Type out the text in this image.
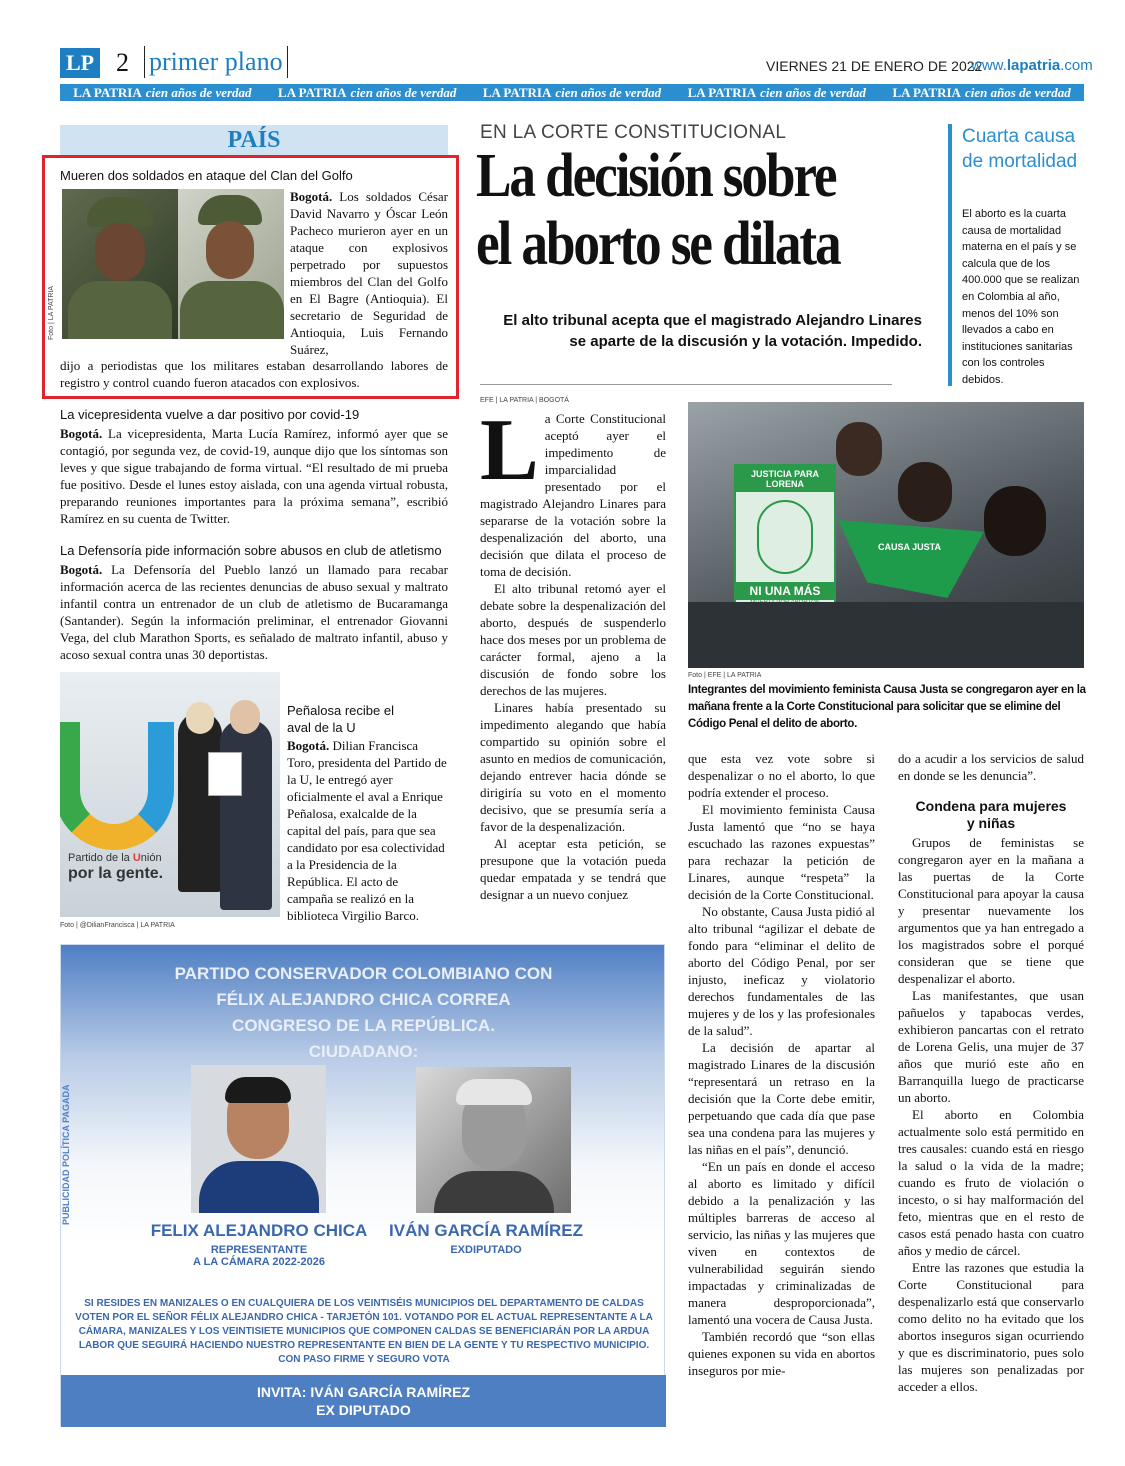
LP 2 primer plano	VIERNES 21 DE ENERO DE 2022
www.lapatria.com
LA PATRIA cien años de verdad LA PATRIA cien años de verdad LA PATRIA cien años de verdad LA PATRIA cien años de verdad LA PATRIA cien años de verdad
PAÍS
Mueren dos soldados en ataque del Clan del Golfo
Foto | LA PATRIA

Bogotá. Los soldados César David Navarro y Óscar León Pacheco murieron ayer en un ataque con explosivos perpetrado por supuestos miembros del Clan del Golfo en El Bagre (Antioquia). El secretario de Seguridad de Antioquia, Luis Fernando Suárez,

dijo a periodistas que los militares estaban desarrollando labores de registro y control cuando fueron atacados con explosivos.

La vicepresidenta vuelve a dar positivo por covid-19

Bogotá. La vicepresidenta, Marta Lucía Ramírez, informó ayer que se contagió, por segunda vez, de covid-19, aunque dijo que los síntomas son leves y que sigue trabajando de forma virtual. “El resultado de mi prueba fue positivo. Desde el lunes estoy aislada, con una agenda virtual robusta, preparando reuniones importantes para la próxima semana”, escribió Ramírez en su cuenta de Twitter.

La Defensoría pide información sobre abusos en club de atletismo

Bogotá. La Defensoría del Pueblo lanzó un llamado para recabar información acerca de las recientes denuncias de abuso sexual y maltrato infantil contra un entrenador de un club de atletismo de Bucaramanga (Santander). Según la información preliminar, el entrenador Giovanni Vega, del club Marathon Sports, es señalado de maltrato infantil, abuso y acoso sexual contra unas 30 deportistas.

Partido de la Unión
por la gente.
Foto | @DilianFrancisca | LA PATRIA
Peñalosa recibe el aval de la U

Bogotá. Dilian Francisca Toro, presidenta del Partido de la U, le entregó ayer oficialmente el aval a Enrique Peñalosa, exalcalde de la capital del país, para que sea candidato por esa colectividad a la Presidencia de la República. El acto de campaña se realizó en la biblioteca Virgilio Barco.

EN LA CORTE CONSTITUCIONAL
La decisión sobre el aborto se dilata
El alto tribunal acepta que el magistrado Alejandro Linares se aparte de la discusión y la votación. Impedido.
Cuarta causa de mortalidad
El aborto es la cuarta causa de mortalidad materna en el país y se calcula que de los 400.000 que se realizan en Colombia al año, menos del 10% son llevados a cabo en instituciones sanitarias con los controles debidos.
EFE | LA PATRIA | BOGOTÁ
L a Corte Constitucional aceptó ayer el impedimento de imparcialidad presentado por el magistrado Alejandro Linares para separarse de la votación sobre la despenalización del aborto, una decisión que dilata el proceso de toma de decisión.

El alto tribunal retomó ayer el debate sobre la despenalización del aborto, después de suspenderlo hace dos meses por un problema de carácter formal, ajeno a la discusión de fondo sobre los derechos de las mujeres.

Linares había presentado su impedimento alegando que había compartido su opinión sobre el asunto en medios de comunicación, dejando entrever hacia dónde se dirigiría su voto en el momento decisivo, que se presumía sería a favor de la despenalización.

Al aceptar esta petición, se presupone que la votación pueda quedar empatada y se tendrá que designar a un nuevo conjuez

JUSTICIA PARA LORENA
NI UNA MÁS
CAUSA JUSTA
Foto | EFE | LA PATRIA
Integrantes del movimiento feminista Causa Justa se congregaron ayer en la mañana frente a la Corte Constitucional para solicitar que se elimine del Código Penal el delito de aborto.

que esta vez vote sobre si despenalizar o no el aborto, lo que podría extender el proceso.

El movimiento feminista Causa Justa lamentó que “no se haya escuchado las razones expuestas” para rechazar la petición de Linares, aunque “respeta” la decisión de la Corte Constitucional.

No obstante, Causa Justa pidió al alto tribunal “agilizar el debate de fondo para “eliminar el delito de aborto del Código Penal, por ser injusto, ineficaz y violatorio derechos fundamentales de las mujeres y de los y las profesionales de la salud”.

La decisión de apartar al magistrado Linares de la discusión “representará un retraso en la decisión que la Corte debe emitir, perpetuando que cada día que pase sea una condena para las mujeres y las niñas en el país”, denunció.

“En un país en donde el acceso al aborto es limitado y difícil debido a la penalización y las múltiples barreras de acceso al servicio, las niñas y las mujeres que viven en contextos de vulnerabilidad seguirán siendo impactadas y criminalizadas de manera desproporcionada”, lamentó una vocera de Causa Justa.

También recordó que “son ellas quienes exponen su vida en abortos inseguros por mie-

do a acudir a los servicios de salud en donde se les denuncia”.

Condena para mujeres y niñas

Grupos de feministas se congregaron ayer en la mañana a las puertas de la Corte Constitucional para apoyar la causa y presentar nuevamente los argumentos que ya han entregado a los magistrados sobre el porqué consideran que se tiene que despenalizar el aborto.

Las manifestantes, que usan pañuelos y tapabocas verdes, exhibieron pancartas con el retrato de Lorena Gelis, una mujer de 37 años que murió este año en Barranquilla luego de practicarse un aborto.

El aborto en Colombia actualmente solo está permitido en tres causales: cuando está en riesgo la salud o la vida de la madre; cuando es fruto de violación o incesto, o si hay malformación del feto, mientras que en el resto de casos está penado hasta con cuatro años y medio de cárcel.

Entre las razones que estudia la Corte Constitucional para despenalizarlo está que conservarlo como delito no ha evitado que los abortos inseguros sigan ocurriendo y que es discriminatorio, pues solo las mujeres son penalizadas por acceder a ellos.

PUBLICIDAD POLÍTICA PAGADA
PARTIDO CONSERVADOR COLOMBIANO CON
FÉLIX ALEJANDRO CHICA CORREA
CONGRESO DE LA REPÚBLICA.
CIUDADANO:
FELIX ALEJANDRO CHICA
REPRESENTANTE
A LA CÁMARA 2022-2026
IVÁN GARCÍA RAMÍREZ
EXDIPUTADO
SI RESIDES EN MANIZALES O EN CUALQUIERA DE LOS VEINTISÉIS MUNICIPIOS DEL DEPARTAMENTO DE CALDAS VOTEN POR EL SEÑOR FÉLIX ALEJANDRO CHICA - TARJETÓN 101. VOTANDO POR EL ACTUAL REPRESENTANTE A LA CÁMARA, MANIZALES Y LOS VEINTISIETE MUNICIPIOS QUE COMPONEN CALDAS SE BENEFICIARÁN POR LA ARDUA LABOR QUE SEGUIRÁ HACIENDO NUESTRO REPRESENTANTE EN BIEN DE LA GENTE Y TU RESPECTIVO MUNICIPIO. CON PASO FIRME Y SEGURO VOTA
INVITA: IVÁN GARCÍA RAMÍREZ
EX DIPUTADO
